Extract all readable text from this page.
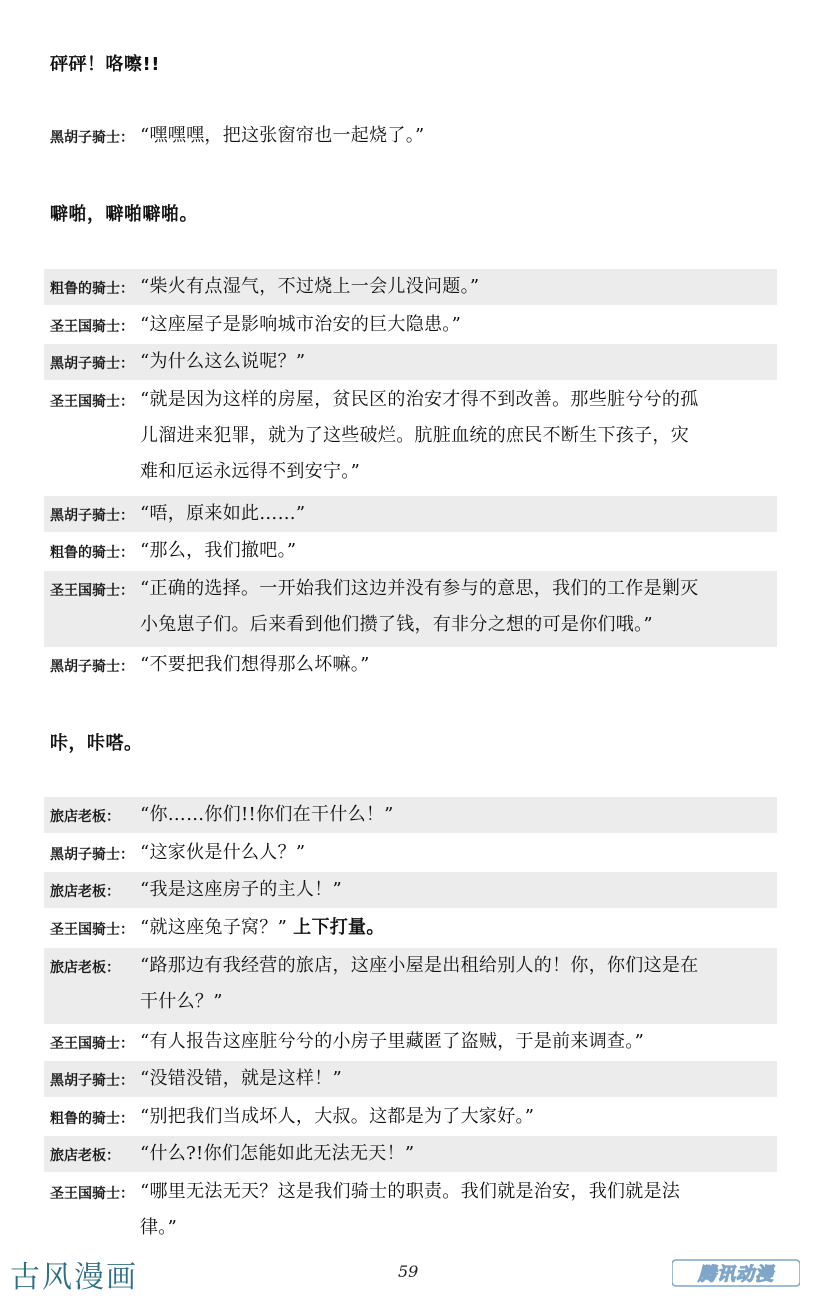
砰砰！咯嚓!!
黑胡子骑士： “嘿嘿嘿，把这张窗帘也一起烧了。”
噼啪，噼啪噼啪。
粗鲁的骑士： “柴火有点湿气，不过烧上一会儿没问题。”
圣王国骑士： “这座屋子是影响城市治安的巨大隐患。”
黑胡子骑士： “为什么这么说呢？”
圣王国骑士： “就是因为这样的房屋，贫民区的治安才得不到改善。那些脏兮兮的孤
儿溜进来犯罪，就为了这些破烂。肮脏血统的庶民不断生下孩子，灾
难和厄运永远得不到安宁。”
黑胡子骑士： “唔，原来如此……”
粗鲁的骑士： “那么，我们撤吧。”
圣王国骑士： “正确的选择。一开始我们这边并没有参与的意思，我们的工作是剿灭
小兔崽子们。后来看到他们攒了钱，有非分之想的可是你们哦。”
黑胡子骑士： “不要把我们想得那么坏嘛。”
咔，咔嗒。
旅店老板： “你……你们!!你们在干什么！”
黑胡子骑士： “这家伙是什么人？”
旅店老板： “我是这座房子的主人！”
圣王国骑士： “就这座兔子窝？” 上下打量。
旅店老板： “路那边有我经营的旅店，这座小屋是出租给别人的！你，你们这是在
干什么？”
圣王国骑士： “有人报告这座脏兮兮的小房子里藏匿了盗贼，于是前来调查。”
黑胡子骑士： “没错没错，就是这样！”
粗鲁的骑士： “别把我们当成坏人，大叔。这都是为了大家好。”
旅店老板： “什么?!你们怎能如此无法无天！”
圣王国骑士： “哪里无法无天？这是我们骑士的职责。我们就是治安，我们就是法
律。”
古风漫画	59	腾讯动漫
